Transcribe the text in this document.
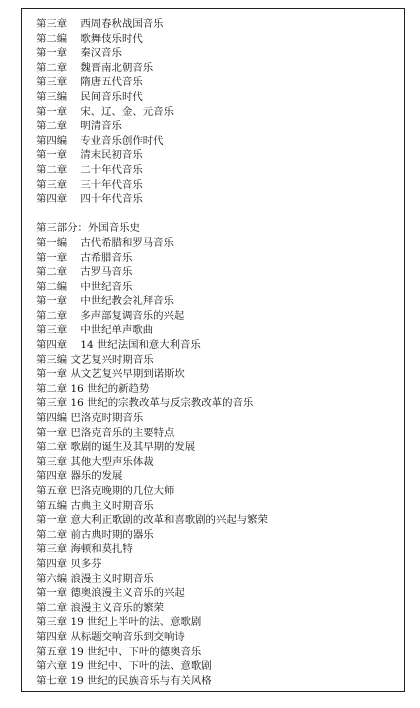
第三章    西周春秋战国音乐
第二编    歌舞伎乐时代
第一章    秦汉音乐
第二章    魏晋南北朝音乐
第三章    隋唐五代音乐
第三编    民间音乐时代
第一章    宋、辽、金、元音乐
第二章    明清音乐
第四编    专业音乐创作时代
第一章    清末民初音乐
第二章    二十年代音乐
第三章    三十年代音乐
第四章    四十年代音乐
第三部分：外国音乐史
第一编    古代希腊和罗马音乐
第一章    古希腊音乐
第二章    古罗马音乐
第二编    中世纪音乐
第一章    中世纪教会礼拜音乐
第二章    多声部复调音乐的兴起
第三章    中世纪单声歌曲
第四章    14 世纪法国和意大利音乐
第三编 文艺复兴时期音乐
第一章 从文艺复兴早期到诺斯坎
第二章 16 世纪的新趋势
第三章 16 世纪的宗教改革与反宗教改革的音乐
第四编 巴洛克时期音乐
第一章 巴洛克音乐的主要特点
第二章 歌剧的诞生及其早期的发展
第三章 其他大型声乐体裁
第四章 器乐的发展
第五章 巴洛克晚期的几位大师
第五编 古典主义时期音乐
第一章 意大利正歌剧的改革和喜歌剧的兴起与繁荣
第二章 前古典时期的器乐
第三章 海顿和莫扎特
第四章 贝多芬
第六编 浪漫主义时期音乐
第一章 德奥浪漫主义音乐的兴起
第二章 浪漫主义音乐的繁荣
第三章 19 世纪上半叶的法、意歌剧
第四章 从标题交响音乐到交响诗
第五章 19 世纪中、下叶的德奥音乐
第六章 19 世纪中、下叶的法、意歌剧
第七章 19 世纪的民族音乐与有关风格
